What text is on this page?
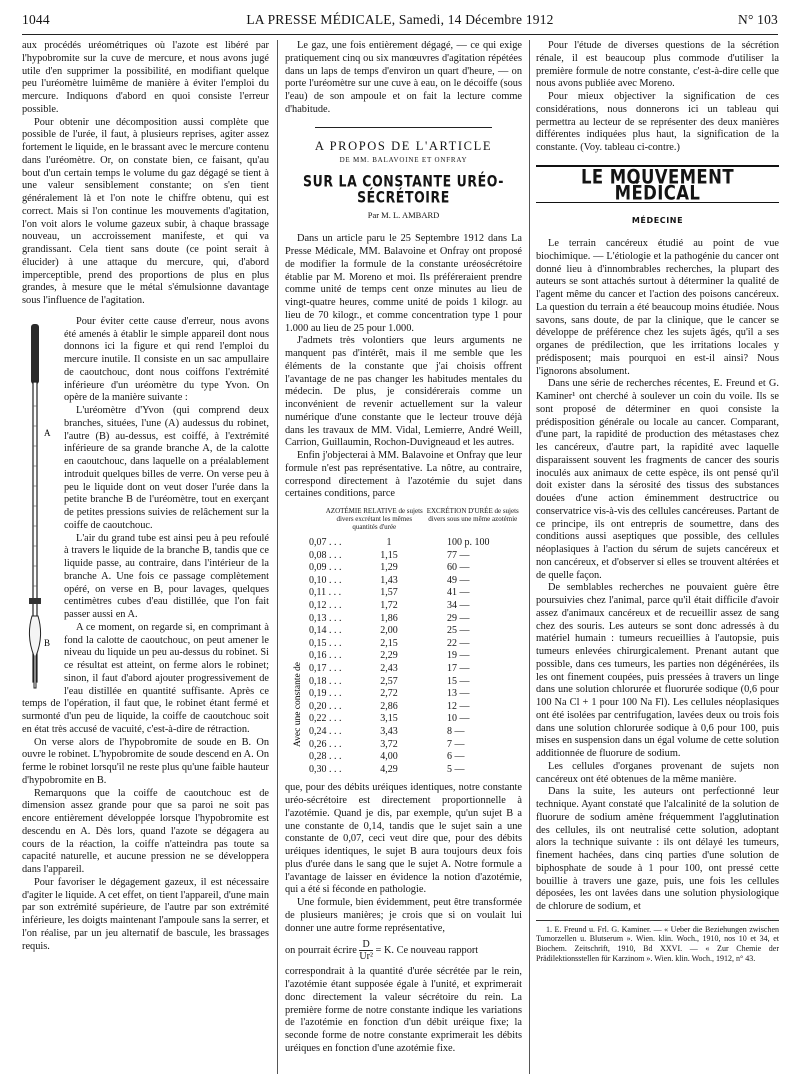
1044	LA PRESSE MÉDICALE, Samedi, 14 Décembre 1912	N° 103

aux procédés uréométriques où l'azote est libéré par l'hypobromite sur la cuve de mercure, et nous avons jugé utile d'en supprimer la possibilité, en modifiant quelque peu l'uréomètre luimême de manière à éviter l'emploi du mercure. Indiquons d'abord en quoi consiste l'erreur possible.

Pour obtenir une décomposition aussi complète que possible de l'urée, il faut, à plusieurs reprises, agiter assez fortement le liquide, en le brassant avec le mercure contenu dans l'uréomètre. Or, on constate bien, ce faisant, qu'au bout d'un certain temps le volume du gaz dégagé se tient à une valeur sensiblement constante; on s'en tient généralement là et l'on note le chiffre obtenu, qui est correct. Mais si l'on continue les mouvements d'agitation, l'on voit alors le volume gazeux subir, à chaque brassage nouveau, un accroissement manifeste, et qui va grandissant. Cela tient sans doute (ce point serait à élucider) à une attaque du mercure, qui, d'abord imperceptible, prend des proportions de plus en plus grandes, à mesure que le métal s'émulsionne davantage sous l'influence de l'agitation.

A
B

Pour éviter cette cause d'erreur, nous avons été amenés à établir le simple appareil dont nous donnons ici la figure et qui rend l'emploi du mercure inutile. Il consiste en un sac ampullaire de caoutchouc, dont nous coiffons l'extrémité inférieure d'un uréomètre du type Yvon. On opère de la manière suivante :

L'uréomètre d'Yvon (qui comprend deux branches, situées, l'une (A) audessus du robinet, l'autre (B) au-dessus, est coiffé, à l'extrémité inférieure de sa grande branche A, de la calotte en caoutchouc, dans laquelle on a préalablement introduit quelques billes de verre. On verse peu à peu le liquide dont on veut doser l'urée dans la petite branche B de l'uréomètre, tout en exerçant de petites pressions suivies de relâchement sur la coiffe de caoutchouc.

L'air du grand tube est ainsi peu à peu refoulé à travers le liquide de la branche B, tandis que ce liquide passe, au contraire, dans l'intérieur de la branche A. Une fois ce passage complètement opéré, on verse en B, pour lavages, quelques centimètres cubes d'eau distillée, que l'on fait passer aussi en A.

A ce moment, on regarde si, en comprimant à fond la calotte de caoutchouc, on peut amener le niveau du liquide un peu au-dessus du robinet. Si ce résultat est atteint, on ferme alors le robinet; sinon, il faut d'abord ajouter progressivement de l'eau distillée en quantité suffisante. Après ce temps de l'opération, il faut que, le robinet étant fermé et surmonté d'un peu de liquide, la coiffe de caoutchouc soit en état très accusé de vacuité, c'est-à-dire de rétraction.

On verse alors de l'hypobromite de soude en B. On ouvre le robinet. L'hypobromite de soude descend en A. On ferme le robinet lorsqu'il ne reste plus qu'une faible hauteur d'hypobromite en B.

Remarquons que la coiffe de caoutchouc est de dimension assez grande pour que sa paroi ne soit pas encore entièrement développée lorsque l'hypobromite est descendu en A. Dès lors, quand l'azote se dégagera au cours de la réaction, la coiffe n'atteindra pas toute sa capacité naturelle, et aucune pression ne se développera dans l'appareil.

Pour favoriser le dégagement gazeux, il est nécessaire d'agiter le liquide. A cet effet, on tient l'appareil, d'une main par son extrémité supérieure, de l'autre par son extrémité inférieure, les doigts maintenant l'ampoule sans la serrer, et l'on réalise, par un jeu alternatif de bascule, les brassages requis.

Le gaz, une fois entièrement dégagé, — ce qui exige pratiquement cinq ou six manœuvres d'agitation répétées dans un laps de temps d'environ un quart d'heure, — on porte l'uréomètre sur une cuve à eau, on le décoiffe (sous l'eau) de son ampoule et on fait la lecture comme d'habitude.

A PROPOS DE L'ARTICLE
DE MM. BALAVOINE ET ONFRAY
SUR LA CONSTANTE URÉO-SÉCRÉTOIRE
Par M. L. AMBARD

Dans un article paru le 25 Septembre 1912 dans La Presse Médicale, MM. Balavoine et Onfray ont proposé de modifier la formule de la constante uréosécrétoire établie par M. Moreno et moi. Ils préféreraient prendre comme unité de temps cent onze minutes au lieu de vingt-quatre heures, comme unité de poids 1 kilogr. au lieu de 70 kilogr., et comme concentration type 1 pour 1.000 au lieu de 25 pour 1.000.

J'admets très volontiers que leurs arguments ne manquent pas d'intérêt, mais il me semble que les éléments de la constante que j'ai choisis offrent l'avantage de ne pas changer les habitudes mentales du médecin. De plus, je considérerais comme un inconvénient de revenir actuellement sur la valeur numérique d'une constante que le lecteur trouve déjà dans les travaux de MM. Vidal, Lemierre, André Weill, Carrion, Guillaumin, Rochon-Duvigneaud et les autres.

Enfin j'objecterai à MM. Balavoine et Onfray que leur formule n'est pas représentative. La nôtre, au contraire, correspond directement à l'azotémie du sujet dans certaines conditions, parce

AZOTÉMIE RELATIVE de sujets divers excrétant les mêmes quantités d'urée
EXCRÉTION D'URÉE de sujets divers sous une même azotémie
Avec une constante de
0,07 . . .	1	100 p. 100
0,08 . . .	1,15	77 —
0,09 . . .	1,29	60 —
0,10 . . .	1,43	49 —
0,11 . . .	1,57	41 —
0,12 . . .	1,72	34 —
0,13 . . .	1,86	29 —
0,14 . . .	2,00	25 —
0,15 . . .	2,15	22 —
0,16 . . .	2,29	19 —
0,17 . . .	2,43	17 —
0,18 . . .	2,57	15 —
0,19 . . .	2,72	13 —
0,20 . . .	2,86	12 —
0,22 . . .	3,15	10 —
0,24 . . .	3,43	8 —
0,26 . . .	3,72	7 —
0,28 . . .	4,00	6 —
0,30 . . .	4,29	5 —

que, pour des débits uréiques identiques, notre constante uréo-sécrétoire est directement proportionnelle à l'azotémie. Quand je dis, par exemple, qu'un sujet B a une constante de 0,14, tandis que le sujet sain a une constante de 0,07, ceci veut dire que, pour des débits uréiques identiques, le sujet B aura toujours deux fois plus d'urée dans le sang que le sujet A. Notre formule a l'avantage de laisser en évidence la notion d'azotémie, qui a été si féconde en pathologie.

Une formule, bien évidemment, peut être transformée de plusieurs manières; je crois que si on voulait lui donner une autre forme représentative,

on pourrait écrire $\frac{D}{\text{Ur²}} = K$. Ce nouveau rapport

correspondrait à la quantité d'urée sécrétée par le rein, l'azotémie étant supposée égale à l'unité, et exprimerait donc directement la valeur sécrétoire du rein. La première forme de notre constante indique les variations de l'azotémie en fonction d'un débit uréique fixe; la seconde forme de notre constante exprimerait les débits uréiques en fonction d'une azotémie fixe.

Pour l'étude de diverses questions de la sécrétion rénale, il est beaucoup plus commode d'utiliser la première formule de notre constante, c'est-à-dire celle que nous avons publiée avec Moreno.

Pour mieux objectiver la signification de ces considérations, nous donnerons ici un tableau qui permettra au lecteur de se représenter des deux manières différentes indiquées plus haut, la signification de la constante. (Voy. tableau ci-contre.)

LE MOUVEMENT MÉDICAL
MÉDECINE

Le terrain cancéreux étudié au point de vue biochimique. — L'étiologie et la pathogénie du cancer ont donné lieu à d'innombrables recherches, la plupart des auteurs se sont attachés surtout à déterminer la qualité de l'agent même du cancer et l'action des poisons cancéreux. La question du terrain a été beaucoup moins étudiée. Nous savons, sans doute, de par la clinique, que le cancer se développe de préférence chez les sujets âgés, qu'il a ses organes de prédilection, que les irritations locales y prédisposent; mais pourquoi en est-il ainsi? Nous l'ignorons absolument.

Dans une série de recherches récentes, E. Freund et G. Kaminer¹ ont cherché à soulever un coin du voile. Ils se sont proposé de déterminer en quoi consiste la prédisposition générale ou locale au cancer. Comparant, d'une part, la rapidité de production des métastases chez les cancéreux, d'autre part, la rapidité avec laquelle disparaissent souvent les fragments de cancer des souris inoculés aux animaux de cette espèce, ils ont pensé qu'il doit exister dans la sérosité des tissus des substances douées d'une action éminemment destructrice ou conservatrice vis-à-vis des cellules cancéreuses. Partant de ce principe, ils ont entrepris de soumettre, dans des conditions aussi aseptiques que possible, des cellules néoplasiques à l'action du sérum de sujets cancéreux et non cancéreux, et d'observer si elles se trouvent altérées et de quelle façon.

De semblables recherches ne pouvaient guère être poursuivies chez l'animal, parce qu'il était difficile d'avoir assez d'animaux cancéreux et de recueillir assez de sang chez des souris. Les auteurs se sont donc adressés à du matériel humain : tumeurs recueillies à l'autopsie, puis tumeurs enlevées chirurgicalement. Prenant autant que possible, dans ces tumeurs, les parties non dégénérées, ils les ont finement coupées, puis pressées à travers un linge dans une solution chlorurée et fluorurée sodique (0,6 pour 100 Na Cl + 1 pour 100 Na Fl). Les cellules néoplasiques ont été isolées par centrifugation, lavées deux ou trois fois dans une solution chlorurée sodique à 0,6 pour 100, puis mises en suspension dans un égal volume de cette solution additionnée de fluorure de sodium.

Les cellules d'organes provenant de sujets non cancéreux ont été obtenues de la même manière.

Dans la suite, les auteurs ont perfectionné leur technique. Ayant constaté que l'alcalinité de la solution de fluorure de sodium amène fréquemment l'agglutination des cellules, ils ont neutralisé cette solution, adoptant alors la technique suivante : ils ont délayé les tumeurs, finement hachées, dans cinq parties d'une solution de biphosphate de soude à 1 pour 100, ont pressé cette bouillie à travers une gaze, puis, une fois les cellules déposées, les ont lavées dans une solution physiologique de chlorure de sodium, et

1. E. Freund u. Frl. G. Kaminer. — « Ueber die Beziehungen zwischen Tumorzellen u. Blutserum ». Wien. klin. Woch., 1910, nos 10 et 34, et Biochem. Zeitschrift, 1910, Bd XXVI. — « Zur Chemie der Prädilektionsstellen für Karzinom ». Wien. klin. Woch., 1912, n° 43.
